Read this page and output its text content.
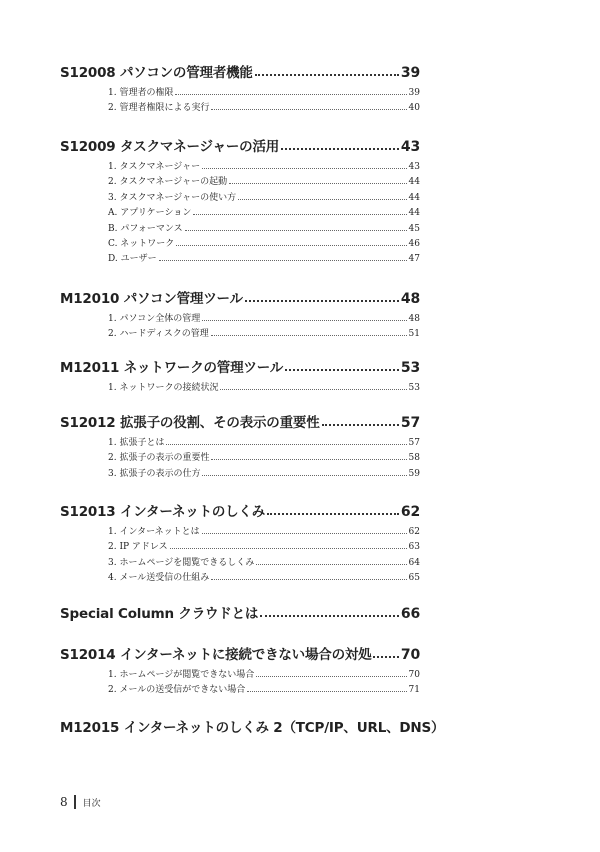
S12008 パソコンの管理者機能	39
1. 管理者の権限	39
2. 管理者権限による実行	40
S12009 タスクマネージャーの活用	43
1. タスクマネージャー	43
2. タスクマネージャーの起動	44
3. タスクマネージャーの使い方	44
A. アプリケーション	44
B. パフォーマンス	45
C. ネットワーク	46
D. ユーザー	47
M12010 パソコン管理ツール	48
1. パソコン全体の管理	48
2. ハードディスクの管理	51
M12011 ネットワークの管理ツール	53
1. ネットワークの接続状況	53
S12012 拡張子の役割、その表示の重要性	57
1. 拡張子とは	57
2. 拡張子の表示の重要性	58
3. 拡張子の表示の仕方	59
S12013 インターネットのしくみ	62
1. インターネットとは	62
2. IP アドレス	63
3. ホームページを閲覧できるしくみ	64
4. メール送受信の仕組み	65
Special Column クラウドとは	66
S12014 インターネットに接続できない場合の対処 70
1. ホームページが閲覧できない場合	70
2. メールの送受信ができない場合	71
M12015 インターネットのしくみ 2（TCP/IP、URL、DNS）
8 目次
